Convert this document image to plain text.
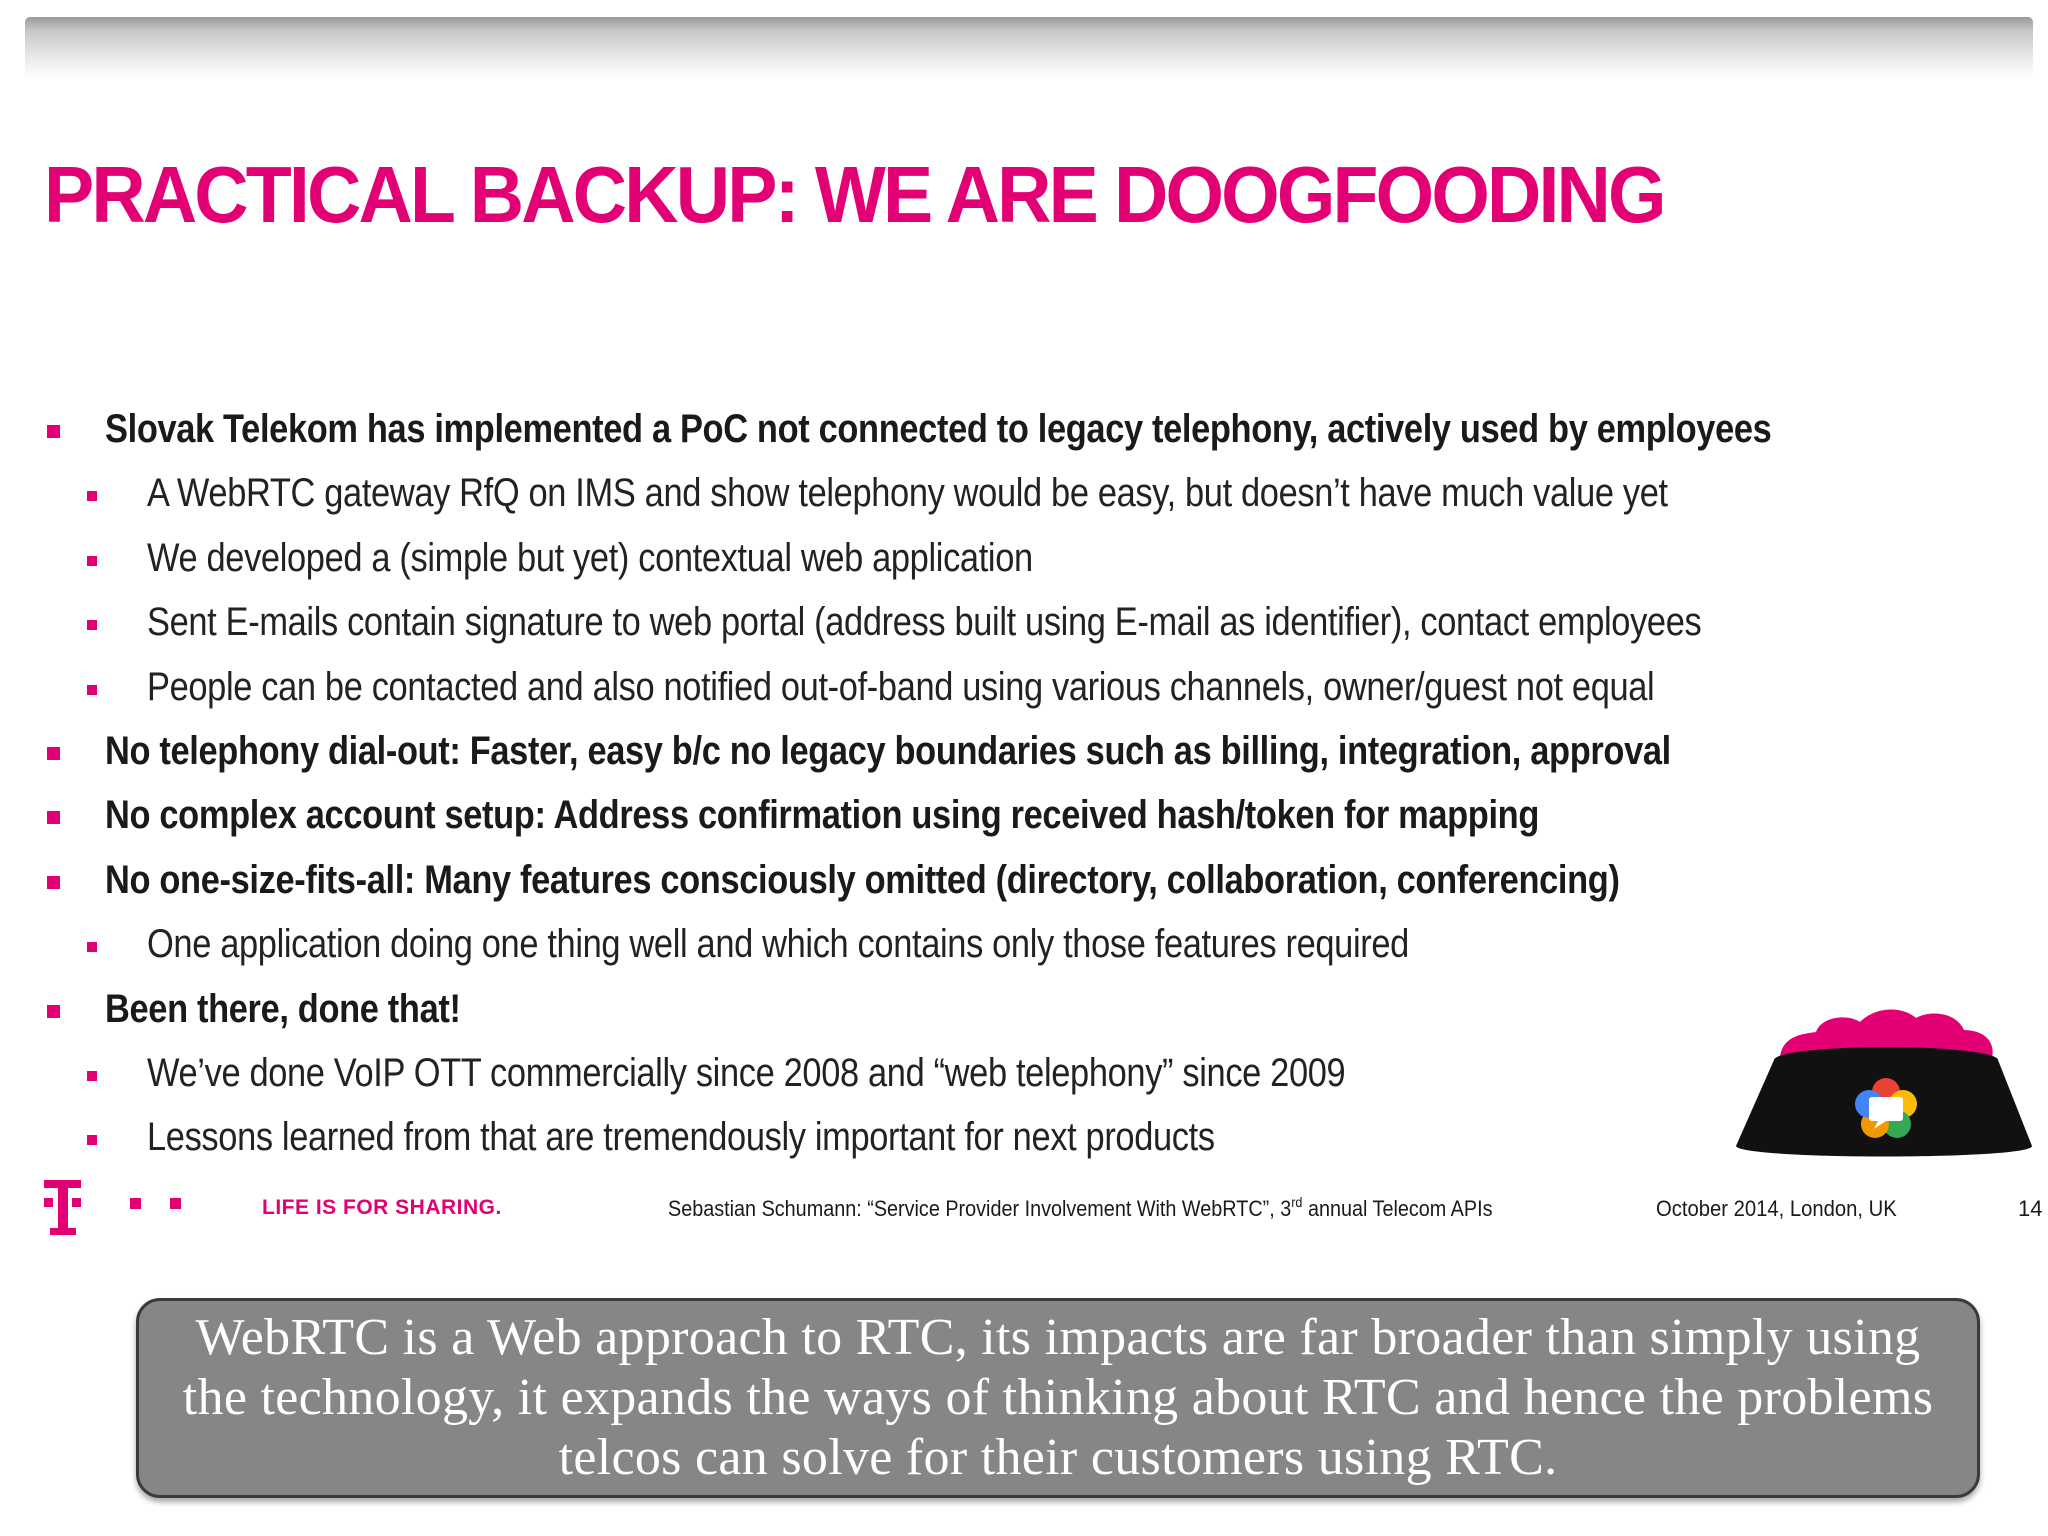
PRACTICAL BACKUP: WE ARE DOOGFOODING
Slovak Telekom has implemented a PoC not connected to legacy telephony, actively used by employees
A WebRTC gateway RfQ on IMS and show telephony would be easy, but doesn’t have much value yet
We developed a (simple but yet) contextual web application
Sent E-mails contain signature to web portal (address built using E-mail as identifier), contact employees
People can be contacted and also notified out-of-band using various channels, owner/guest not equal
No telephony dial-out: Faster, easy b/c no legacy boundaries such as billing, integration, approval
No complex account setup: Address confirmation using received hash/token for mapping
No one-size-fits-all: Many features consciously omitted (directory, collaboration, conferencing)
One application doing one thing well and which contains only those features required
Been there, done that!
We’ve done VoIP OTT commercially since 2008 and “web telephony” since 2009
Lessons learned from that are tremendously important for next products
LIFE IS FOR SHARING.	Sebastian Schumann: “Service Provider Involvement With WebRTC”, 3rd annual Telecom APIs	October 2014, London, UK	14

WebRTC is a Web approach to RTC, its impacts are far broader than simply using the technology, it expands the ways of thinking about RTC and hence the problems telcos can solve for their customers using RTC.
